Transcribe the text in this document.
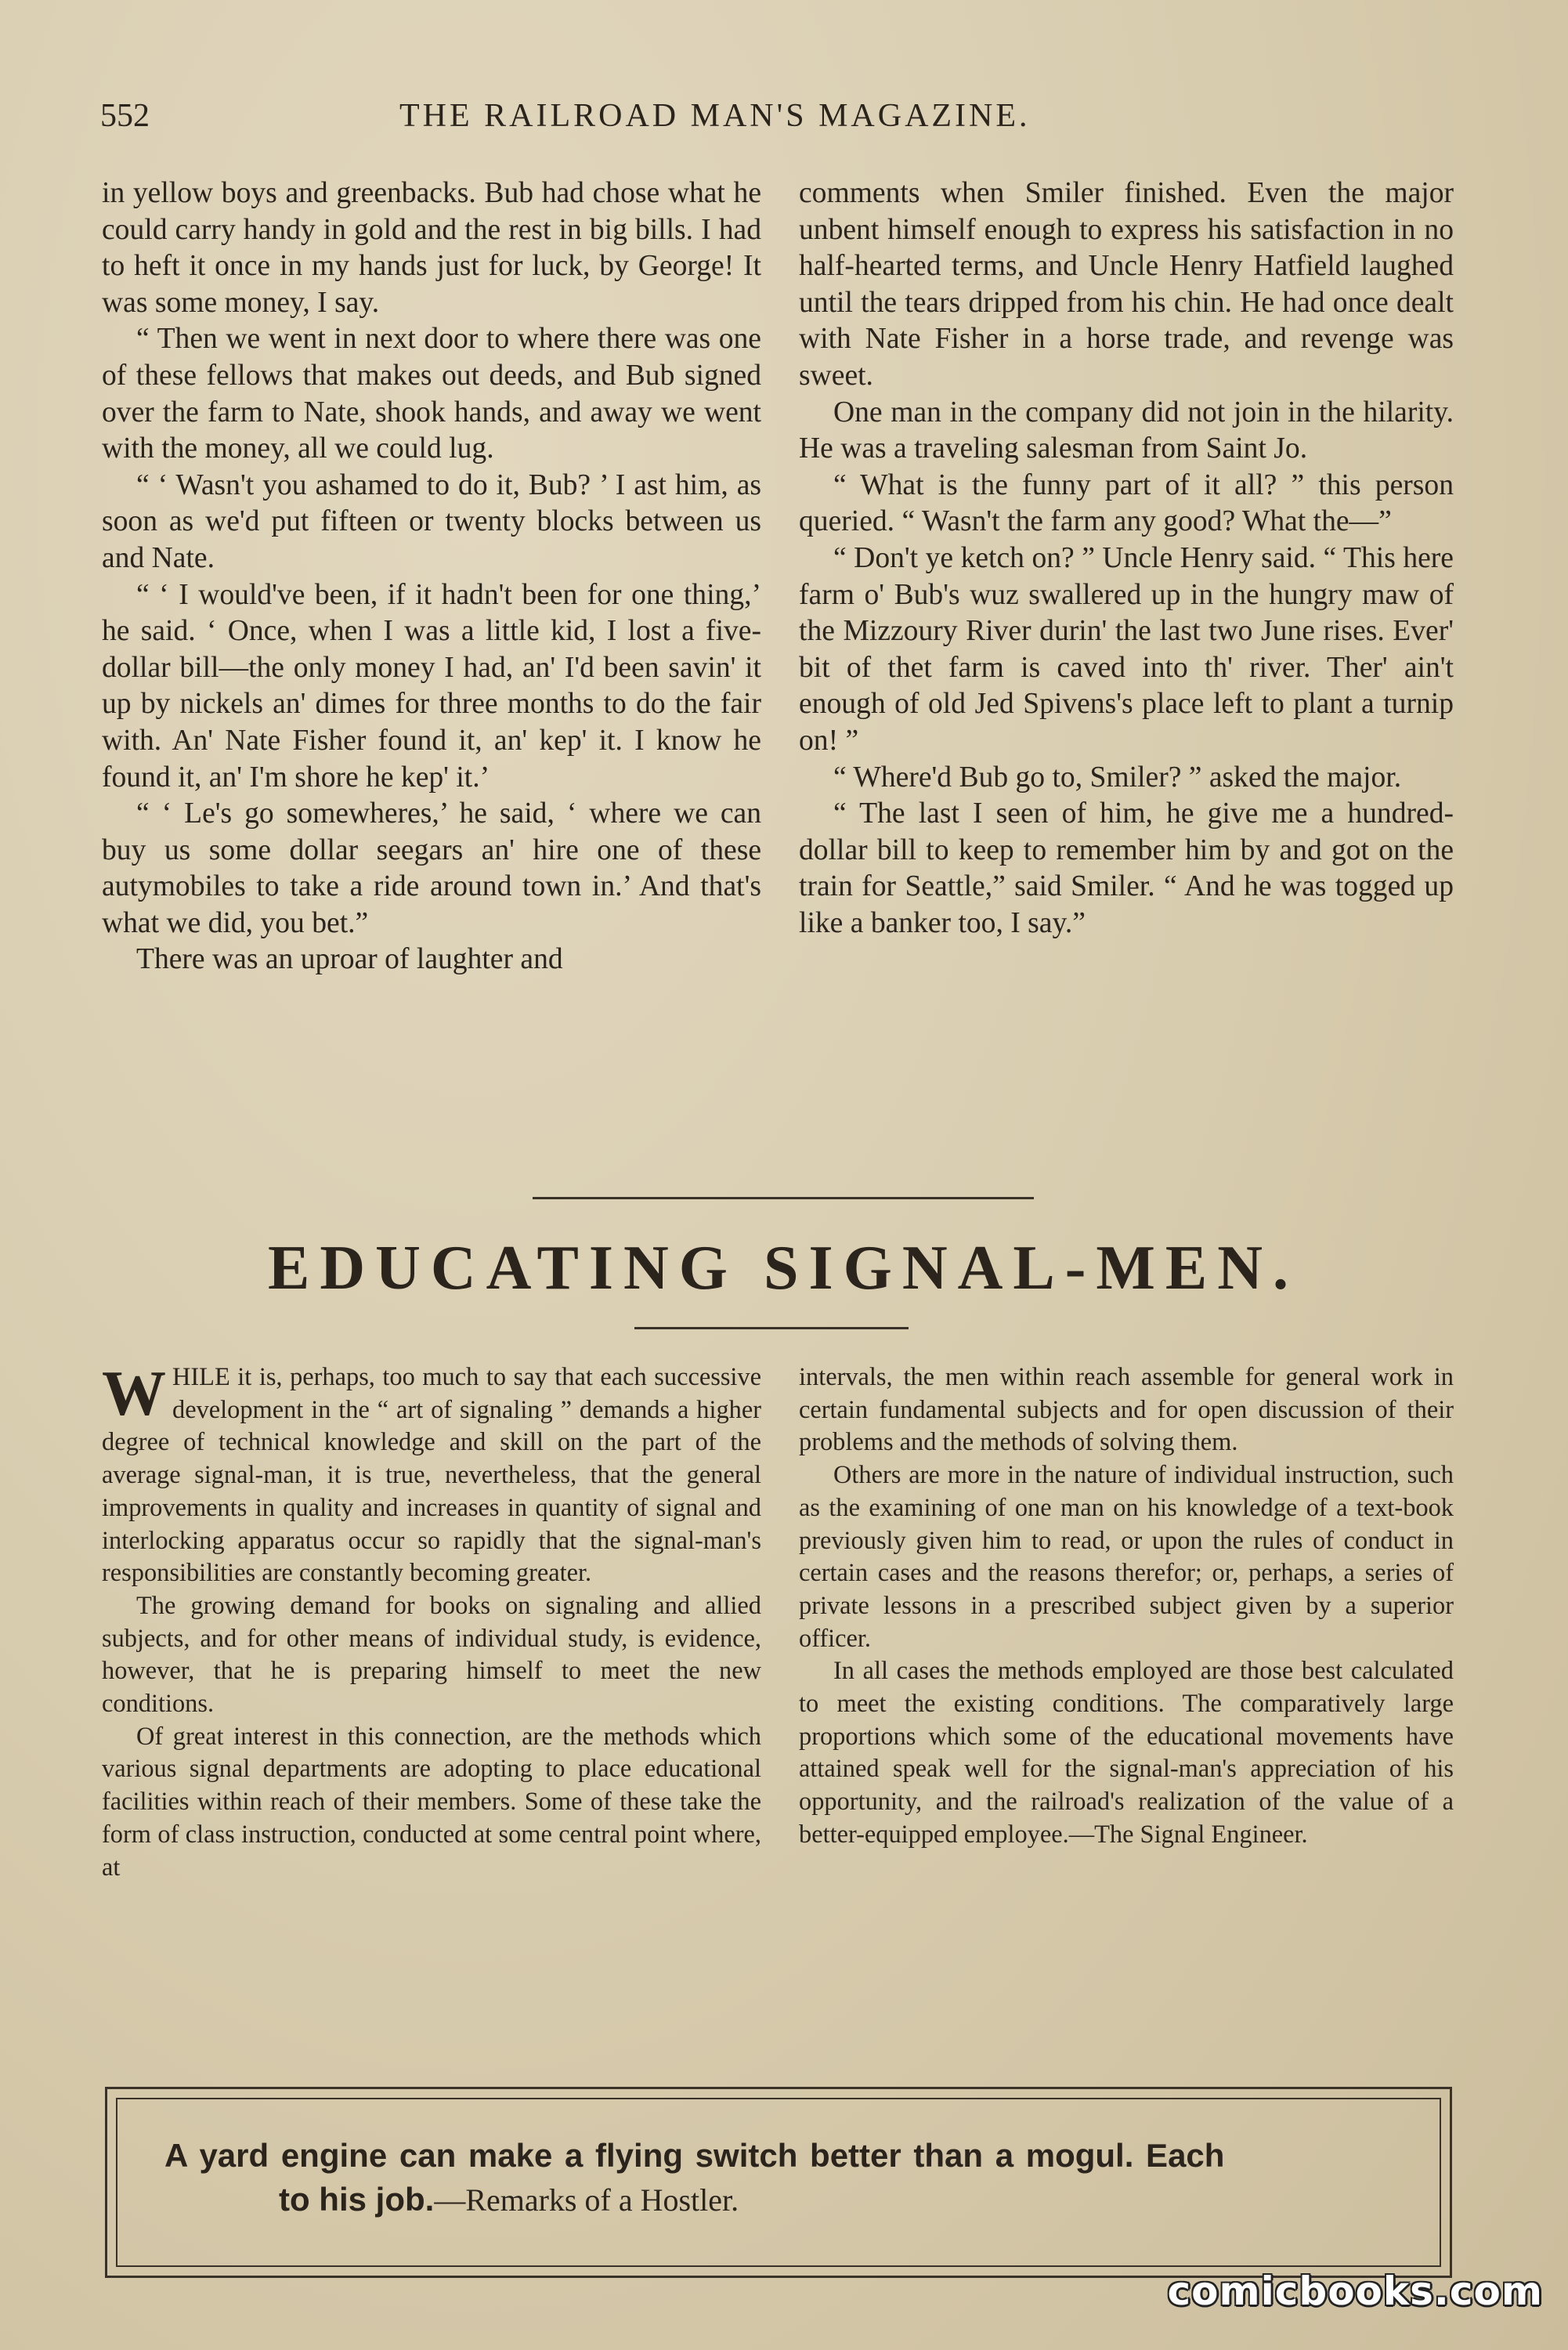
552	THE RAILROAD MAN'S MAGAZINE.

in yellow boys and greenbacks. Bub had chose what he could carry handy in gold and the rest in big bills. I had to heft it once in my hands just for luck, by George! It was some money, I say.

“ Then we went in next door to where there was one of these fellows that makes out deeds, and Bub signed over the farm to Nate, shook hands, and away we went with the money, all we could lug.

“ ‘ Wasn't you ashamed to do it, Bub? ’ I ast him, as soon as we'd put fifteen or twenty blocks between us and Nate.

“ ‘ I would've been, if it hadn't been for one thing,’ he said. ‘ Once, when I was a little kid, I lost a five-dollar bill—the only money I had, an' I'd been savin' it up by nickels an' dimes for three months to do the fair with. An' Nate Fisher found it, an' kep' it. I know he found it, an' I'm shore he kep' it.’

“ ‘ Le's go somewheres,’ he said, ‘ where we can buy us some dollar seegars an' hire one of these autymobiles to take a ride around town in.’ And that's what we did, you bet.”

There was an uproar of laughter and

comments when Smiler finished. Even the major unbent himself enough to express his satisfaction in no half-hearted terms, and Uncle Henry Hatfield laughed until the tears dripped from his chin. He had once dealt with Nate Fisher in a horse trade, and revenge was sweet.

One man in the company did not join in the hilarity. He was a traveling salesman from Saint Jo.

“ What is the funny part of it all? ” this person queried. “ Wasn't the farm any good? What the—”

“ Don't ye ketch on? ” Uncle Henry said. “ This here farm o' Bub's wuz swallered up in the hungry maw of the Mizzoury River durin' the last two June rises. Ever' bit of thet farm is caved into th' river. Ther' ain't enough of old Jed Spivens's place left to plant a turnip on! ”

“ Where'd Bub go to, Smiler? ” asked the major.

“ The last I seen of him, he give me a hundred-dollar bill to keep to remember him by and got on the train for Seattle,” said Smiler. “ And he was togged up like a banker too, I say.”

EDUCATING SIGNAL-MEN.

WHILE it is, perhaps, too much to say that each successive development in the “ art of signaling ” demands a higher degree of technical knowledge and skill on the part of the average signal-man, it is true, nevertheless, that the general improvements in quality and increases in quantity of signal and interlocking apparatus occur so rapidly that the signal-man's responsibilities are constantly becoming greater.

The growing demand for books on signaling and allied subjects, and for other means of individual study, is evidence, however, that he is preparing himself to meet the new conditions.

Of great interest in this connection, are the methods which various signal departments are adopting to place educational facilities within reach of their members. Some of these take the form of class instruction, conducted at some central point where, at

intervals, the men within reach assemble for general work in certain fundamental subjects and for open discussion of their problems and the methods of solving them.

Others are more in the nature of individual instruction, such as the examining of one man on his knowledge of a text-book previously given him to read, or upon the rules of conduct in certain cases and the reasons therefor; or, perhaps, a series of private lessons in a prescribed subject given by a superior officer.

In all cases the methods employed are those best calculated to meet the existing conditions. The comparatively large proportions which some of the educational movements have attained speak well for the signal-man's appreciation of his opportunity, and the railroad's realization of the value of a better-equipped employee.—The Signal Engineer.

A yard engine can make a flying switch better than a mogul. Each
to his job.—Remarks of a Hostler.
comicbooks.com
